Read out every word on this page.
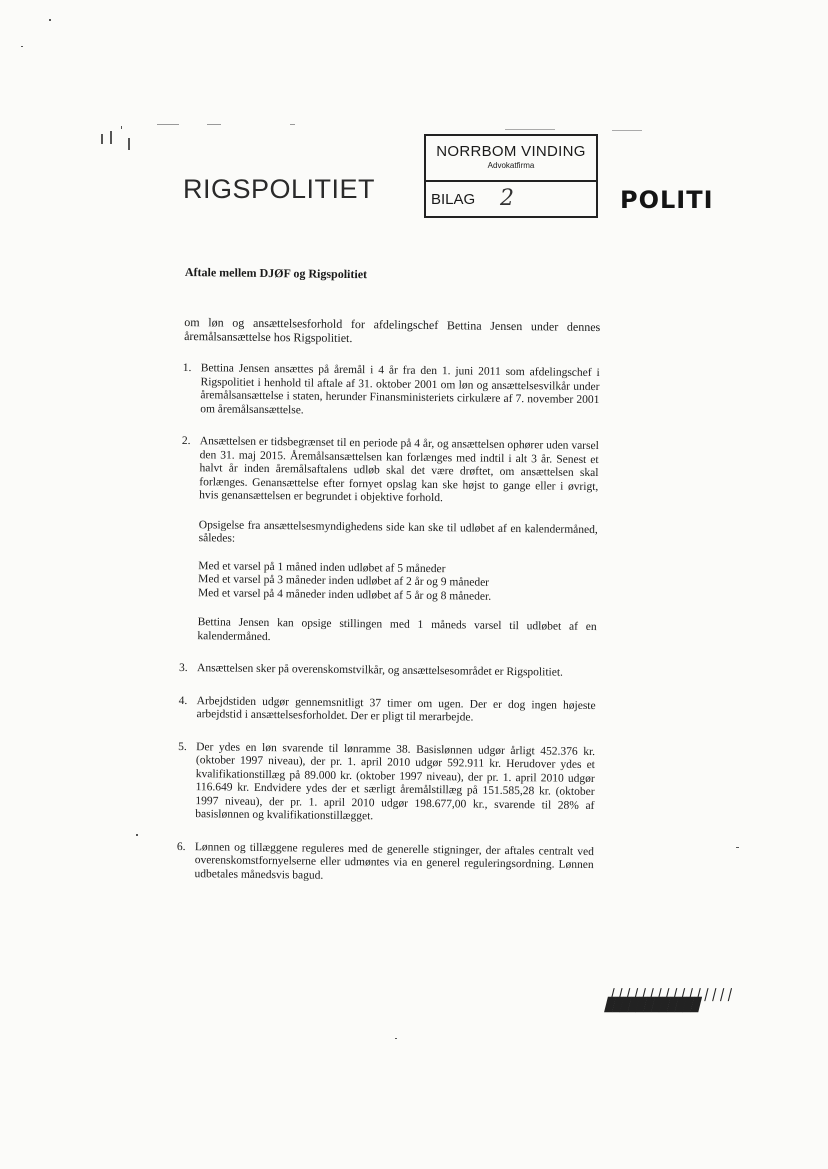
RIGSPOLITIET
NORRBOM VINDING
Advokatfirma
BILAG 2	POLITI

Aftale mellem DJØF og Rigspolitiet

om løn og ansættelsesforhold for afdelingschef Bettina Jensen under dennes åremålsansættelse hos Rigspolitiet.

1. Bettina Jensen ansættes på åremål i 4 år fra den 1. juni 2011 som afdelingschef i Rigspolitiet i henhold til aftale af 31. oktober 2001 om løn og ansættelsesvilkår under åremålsansættelse i staten, herunder Finansministeriets cirkulære af 7. november 2001 om åremålsansættelse.
2. Ansættelsen er tidsbegrænset til en periode på 4 år, og ansættelsen ophører uden varsel den 31. maj 2015. Åremålsansættelsen kan forlænges med indtil i alt 3 år. Senest et halvt år inden åremålsaftalens udløb skal det være drøftet, om ansættelsen skal forlænges. Genansættelse efter fornyet opslag kan ske højst to gange eller i øvrigt, hvis genansættelsen er begrundet i objektive forhold.
Opsigelse fra ansættelsesmyndighedens side kan ske til udløbet af en kalendermåned, således:
Med et varsel på 1 måned inden udløbet af 5 måneder
Med et varsel på 3 måneder inden udløbet af 2 år og 9 måneder
Med et varsel på 4 måneder inden udløbet af 5 år og 8 måneder.
Bettina Jensen kan opsige stillingen med 1 måneds varsel til udløbet af en kalendermåned.
3. Ansættelsen sker på overenskomstvilkår, og ansættelsesområdet er Rigspolitiet.
4. Arbejdstiden udgør gennemsnitligt 37 timer om ugen. Der er dog ingen højeste arbejdstid i ansættelsesforholdet. Der er pligt til merarbejde.
5. Der ydes en løn svarende til lønramme 38. Basislønnen udgør årligt 452.376 kr. (oktober 1997 niveau), der pr. 1. april 2010 udgør 592.911 kr. Herudover ydes et kvalifikationstillæg på 89.000 kr. (oktober 1997 niveau), der pr. 1. april 2010 udgør 116.649 kr. Endvidere ydes der et særligt åremålstillæg på 151.585,28 kr. (oktober 1997 niveau), der pr. 1. april 2010 udgør 198.677,00 kr., svarende til 28% af basislønnen og kvalifikationstillægget.
6. Lønnen og tillæggene reguleres med de generelle stigninger, der aftales centralt ved overenskomstfornyelserne eller udmøntes via en generel reguleringsordning. Lønnen udbetales månedsvis bagud.
||||||||||||||||
████████████
